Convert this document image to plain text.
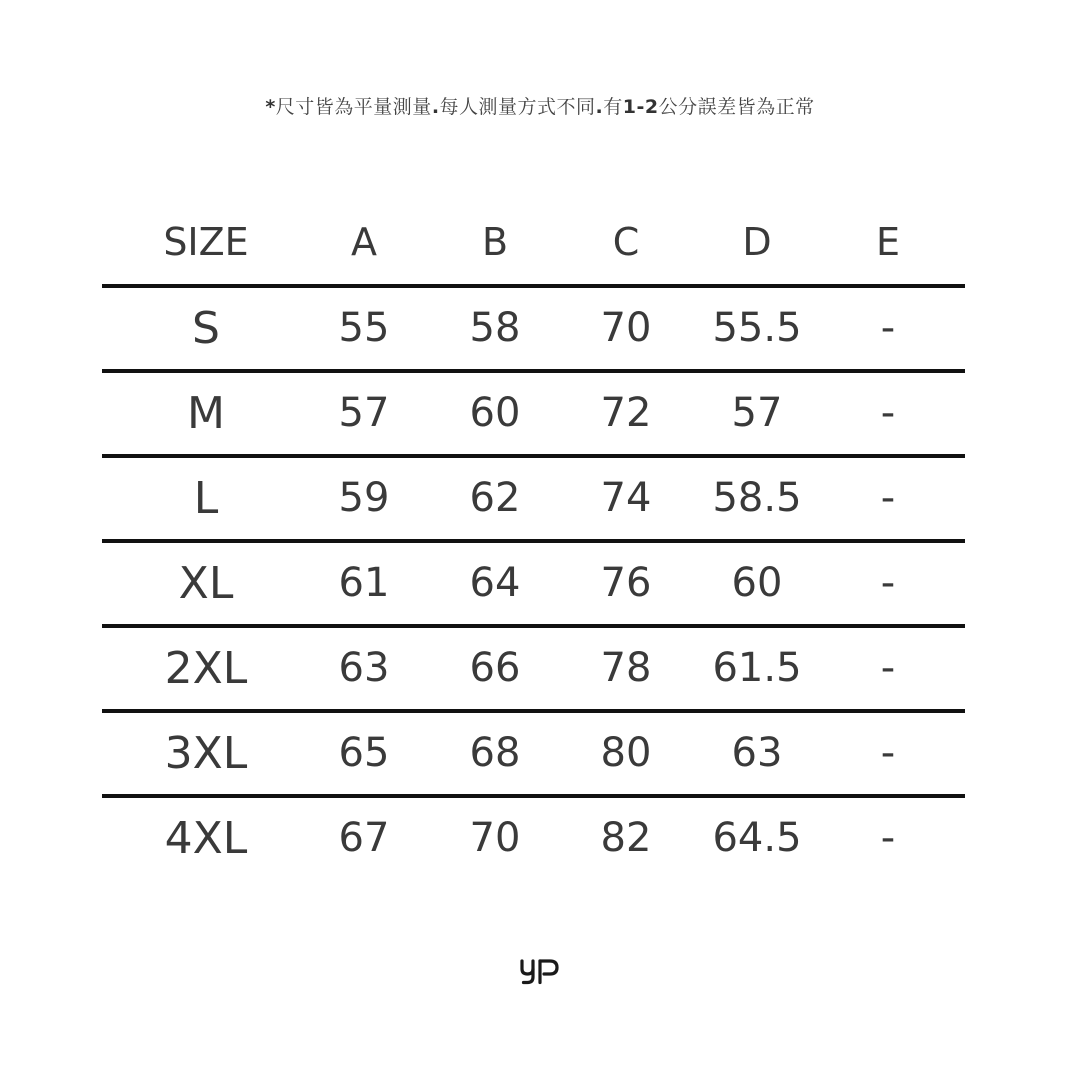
*尺寸皆為平量測量.每人測量方式不同.有1-2公分誤差皆為正常
SIZE	A	B	C	D	E
S	55 58 70 55.5 -
M	57 60 72 57 -
L	59 62 74 58.5 -
XL	61 64 76 60 -
2XL 63 66 78 61.5 -
3XL 65 68 80 63 -
4XL 67 70 82 64.5 -
yp
